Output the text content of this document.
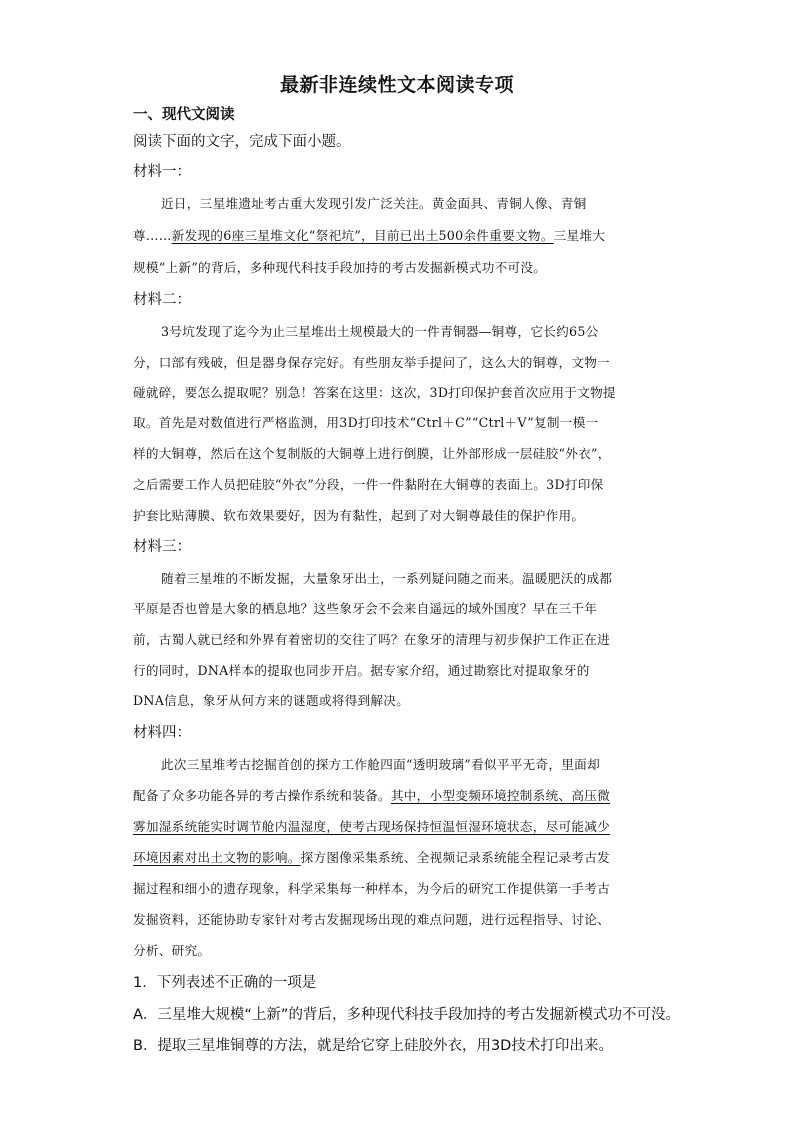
最新非连续性文本阅读专项
一、现代文阅读
阅读下面的文字，完成下面小题。
材料一：
近日，三星堆遗址考古重大发现引发广泛关注。黄金面具、青铜人像、青铜
尊……新发现的6座三星堆文化“祭祀坑”，目前已出土500余件重要文物。三星堆大
规模“上新”的背后，多种现代科技手段加持的考古发掘新模式功不可没。
材料二：
3号坑发现了迄今为止三星堆出土规模最大的一件青铜器—铜尊，它长约65公
分，口部有残破，但是器身保存完好。有些朋友举手提问了，这么大的铜尊，文物一
碰就碎，要怎么提取呢？别急！答案在这里：这次，3D打印保护套首次应用于文物提
取。首先是对数值进行严格监测，用3D打印技术“Ctrl＋C”“Ctrl＋V”复制一模一
样的大铜尊，然后在这个复制版的大铜尊上进行倒膜，让外部形成一层硅胶“外衣”，
之后需要工作人员把硅胶“外衣”分段，一件一件黏附在大铜尊的表面上。3D打印保
护套比贴薄膜、软布效果要好，因为有黏性，起到了对大铜尊最佳的保护作用。
材料三：
随着三星堆的不断发掘，大量象牙出土，一系列疑问随之而来。温暖肥沃的成都
平原是否也曾是大象的栖息地？这些象牙会不会来自遥远的域外国度？早在三千年
前，古蜀人就已经和外界有着密切的交往了吗？在象牙的清理与初步保护工作正在进
行的同时，DNA样本的提取也同步开启。据专家介绍，通过勘察比对提取象牙的
DNA信息，象牙从何方来的谜题或将得到解决。
材料四：
此次三星堆考古挖掘首创的探方工作舱四面“透明玻璃”看似平平无奇，里面却
配备了众多功能各异的考古操作系统和装备。其中，小型变频环境控制系统、高压微
雾加湿系统能实时调节舱内温湿度，使考古现场保持恒温恒湿环境状态，尽可能减少
环境因素对出土文物的影响。探方图像采集系统、全视频记录系统能全程记录考古发
掘过程和细小的遗存现象，科学采集每一种样本，为今后的研究工作提供第一手考古
发掘资料，还能协助专家针对考古发掘现场出现的难点问题，进行远程指导、讨论、
分析、研究。
1．下列表述不正确的一项是
A．三星堆大规模“上新”的背后，多种现代科技手段加持的考古发掘新模式功不可没。
B．提取三星堆铜尊的方法，就是给它穿上硅胶外衣，用3D技术打印出来。
